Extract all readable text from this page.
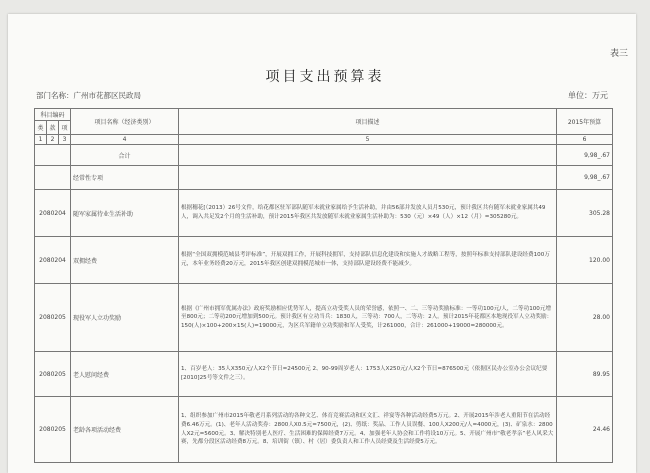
表三
项目支出预算表
部门名称：广州市花都区民政局	单位：万元
科目编码			项目名称（经济类别）	项目描述	2015年预算
类	款	项			
1	2	3	4	5	6
			合计		9,98_.67
			经常性专项		9,98_.67
2080204			随军家属待业生活补助	根据穗花[（2013）26号文件，给花都区驻军部队随军未就业家属给予生活补助，并由56部并发放人员月530元，预计我区共有随军未就业家属共49人，调入共足发2个月的生活补助，预计2015年我区共发放随军未就业家属生活补助为：530（元）×49（人）×12（月）=305280元。	305.28
2080204			双拥经费	根据“全国双拥模范城县考评标准”，开展双拥工作，开展科技拥军，支持部队信息化建设和实施人才战略工程等，按照年标准支持部队建设经费100万元，本年业务经费20万元，2015年我区创建双拥模范城市一体，支持部队建设经费不能减少。	120.00
2080205			现役军人立功奖励	根据《广州市拥军优属办法》政府奖励相应优势军人，提高立功受奖人员的荣誉感，依照一、二、三等功奖励标准：一等功100元/人，二等功100元增至800元；二等功200元增加到500元。预计我区有立功当兵：1830人，三等功：700人，二等功：2人。预计2015年花都区本地现役军人立功奖励：150(人)×100+200×15(人)=19000元，为区兵军籍单立功奖励和军人受奖，计261000，合计：261000+19000=280000元。	28.00
2080205			老人慰问经费	1、百岁老人：35人X350元/人X2个节日=24500元 2、90-99周岁老人：1753人X250元/人X2个节日=876500元（依据区民办公室办公会议纪要[2010]25号等文件之三）。	89.95
2080205			老龄各项活动经费	1、组织参加广州市2015年敬老月系列活动的各种文艺、体育竞赛活动和区文汇、祥宴等各种活动经费5万元。2、开展2015年涉老人重阳节在活动经费6.46万元。(1)、老年人活动奖券：2800人X0.5元=7500元，(2)、剪纸：奖品、工作人员误餐、100人X200元/人=4000元，(3)、矿泉水：2800人X2元=5600元。3、解决特别老人医疗、生活困难的保障经费7万元。4、加强老年人协会和工作将设10万元。5、开展广州市“敬老孝亲”老人风采大赛，先都分段区活动经费8万元。8、培训街（镇）、村（居）委负责人和工作人员经费及生活经费5万元。	24.46
